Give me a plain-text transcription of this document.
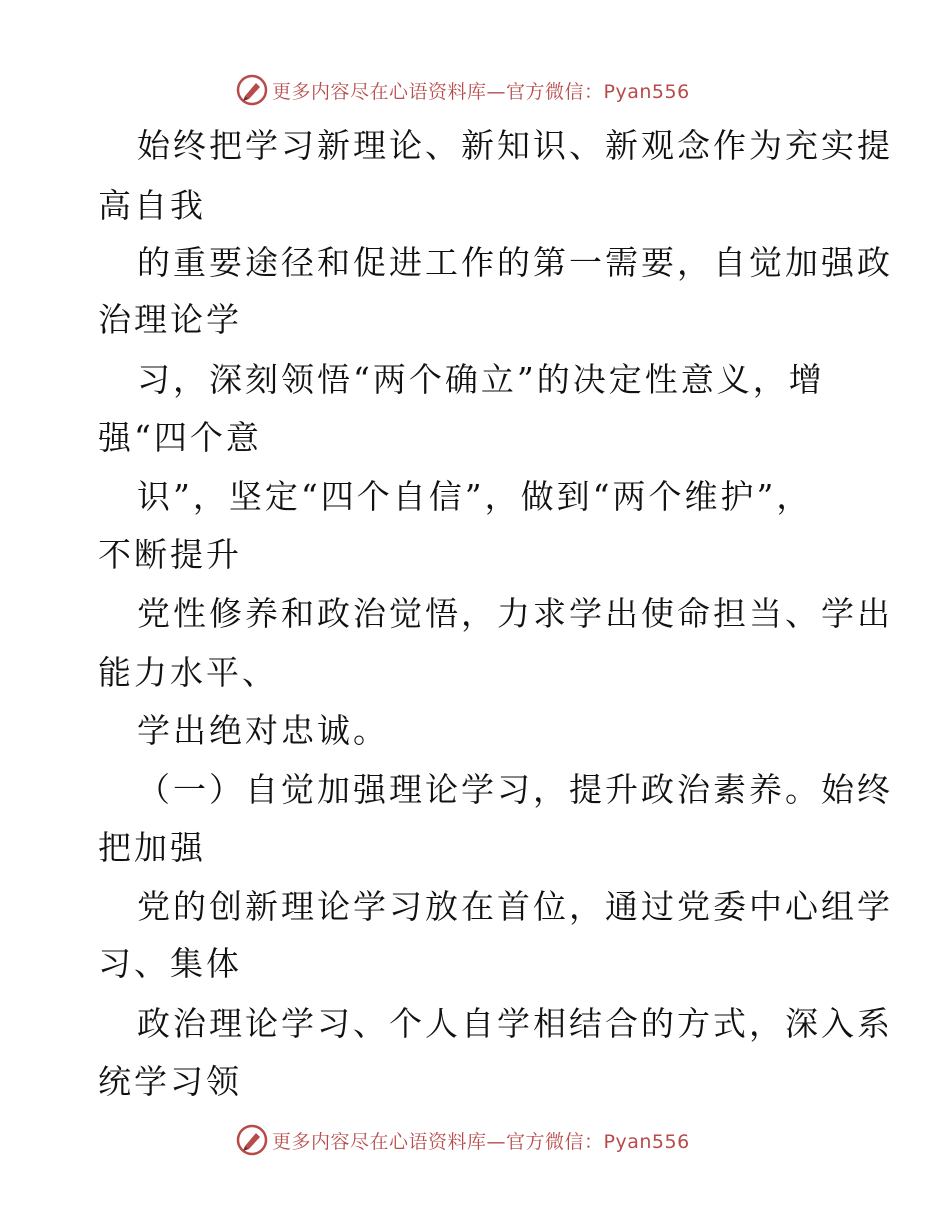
更多内容尽在心语资料库—官方微信：Pyan556
始终把学习新理论、新知识、新观念作为充实提
高自我
的重要途径和促进工作的第一需要，自觉加强政
治理论学
习，深刻领悟“两个确立”的决定性意义，增
强“四个意
识”，坚定“四个自信”，做到“两个维护”，
不断提升
党性修养和政治觉悟，力求学出使命担当、学出
能力水平、
学出绝对忠诚。
（一）自觉加强理论学习，提升政治素养。始终
把加强
党的创新理论学习放在首位，通过党委中心组学
习、集体
政治理论学习、个人自学相结合的方式，深入系
统学习领
更多内容尽在心语资料库—官方微信：Pyan556
